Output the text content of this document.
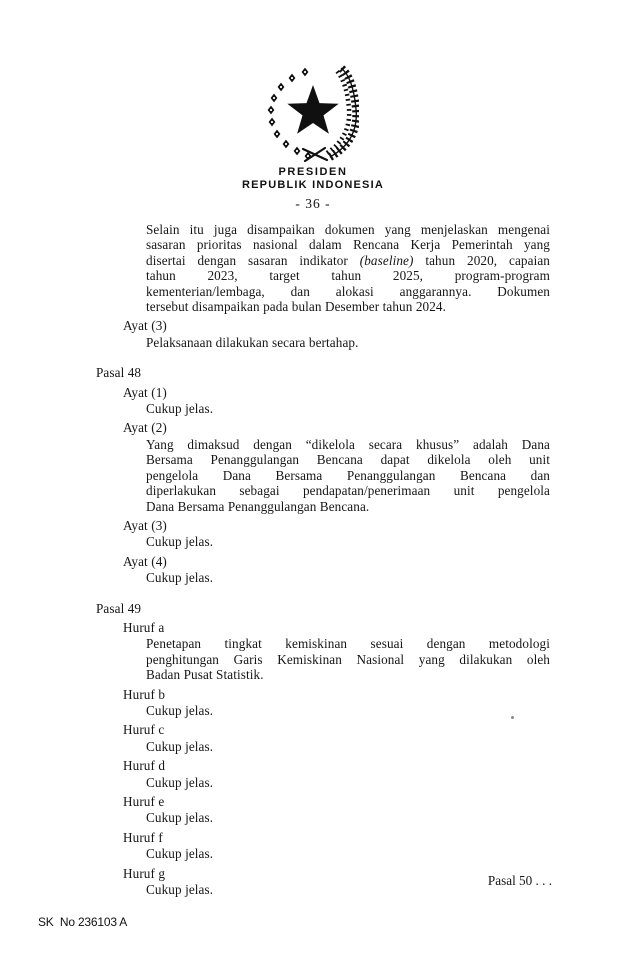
PRESIDEN
REPUBLIK INDONESIA
- 36 -
Selain itu juga disampaikan dokumen yang menjelaskan mengenai
sasaran prioritas nasional dalam Rencana Kerja Pemerintah yang
disertai dengan sasaran indikator (baseline) tahun 2020, capaian
tahun 2023, target tahun 2025, program-program
kementerian/lembaga, dan alokasi anggarannya. Dokumen
tersebut disampaikan pada bulan Desember tahun 2024.
Ayat (3)
Pelaksanaan dilakukan secara bertahap.
Pasal 48
Ayat (1)
Cukup jelas.
Ayat (2)
Yang dimaksud dengan “dikelola secara khusus” adalah Dana
Bersama Penanggulangan Bencana dapat dikelola oleh unit
pengelola Dana Bersama Penanggulangan Bencana dan
diperlakukan sebagai pendapatan/penerimaan unit pengelola
Dana Bersama Penanggulangan Bencana.
Ayat (3)
Cukup jelas.
Ayat (4)
Cukup jelas.
Pasal 49
Huruf a
Penetapan tingkat kemiskinan sesuai dengan metodologi
penghitungan Garis Kemiskinan Nasional yang dilakukan oleh
Badan Pusat Statistik.
Huruf b
Cukup jelas.
Huruf c
Cukup jelas.
Huruf d
Cukup jelas.
Huruf e
Cukup jelas.
Huruf f
Cukup jelas.
Huruf g
Cukup jelas.
Pasal 50 . . .
SK  No 236103 A
